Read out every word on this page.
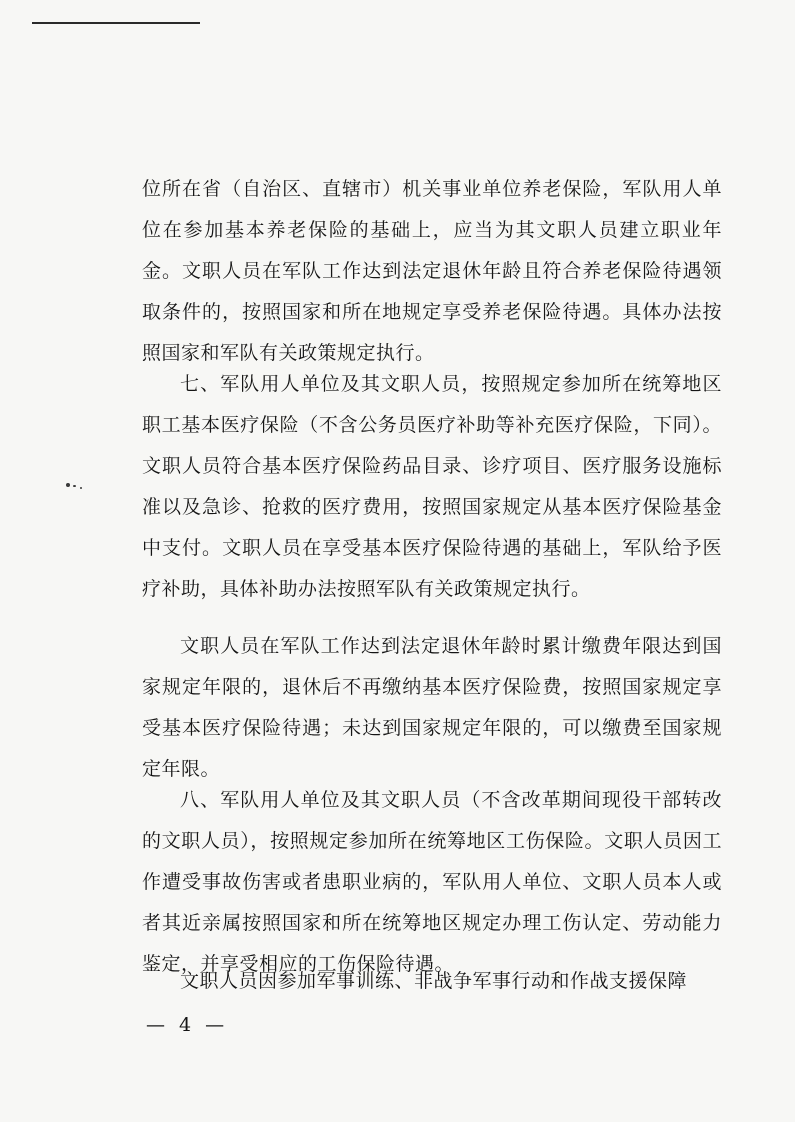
位所在省（自治区、直辖市）机关事业单位养老保险，军队用人单位在参加基本养老保险的基础上，应当为其文职人员建立职业年金。文职人员在军队工作达到法定退休年龄且符合养老保险待遇领取条件的，按照国家和所在地规定享受养老保险待遇。具体办法按照国家和军队有关政策规定执行。

七、军队用人单位及其文职人员，按照规定参加所在统筹地区职工基本医疗保险（不含公务员医疗补助等补充医疗保险，下同）。文职人员符合基本医疗保险药品目录、诊疗项目、医疗服务设施标准以及急诊、抢救的医疗费用，按照国家规定从基本医疗保险基金中支付。文职人员在享受基本医疗保险待遇的基础上，军队给予医疗补助，具体补助办法按照军队有关政策规定执行。

文职人员在军队工作达到法定退休年龄时累计缴费年限达到国家规定年限的，退休后不再缴纳基本医疗保险费，按照国家规定享受基本医疗保险待遇；未达到国家规定年限的，可以缴费至国家规定年限。

八、军队用人单位及其文职人员（不含改革期间现役干部转改的文职人员），按照规定参加所在统筹地区工伤保险。文职人员因工作遭受事故伤害或者患职业病的，军队用人单位、文职人员本人或者其近亲属按照国家和所在统筹地区规定办理工伤认定、劳动能力鉴定，并享受相应的工伤保险待遇。

文职人员因参加军事训练、非战争军事行动和作战支援保障

— 4 —
